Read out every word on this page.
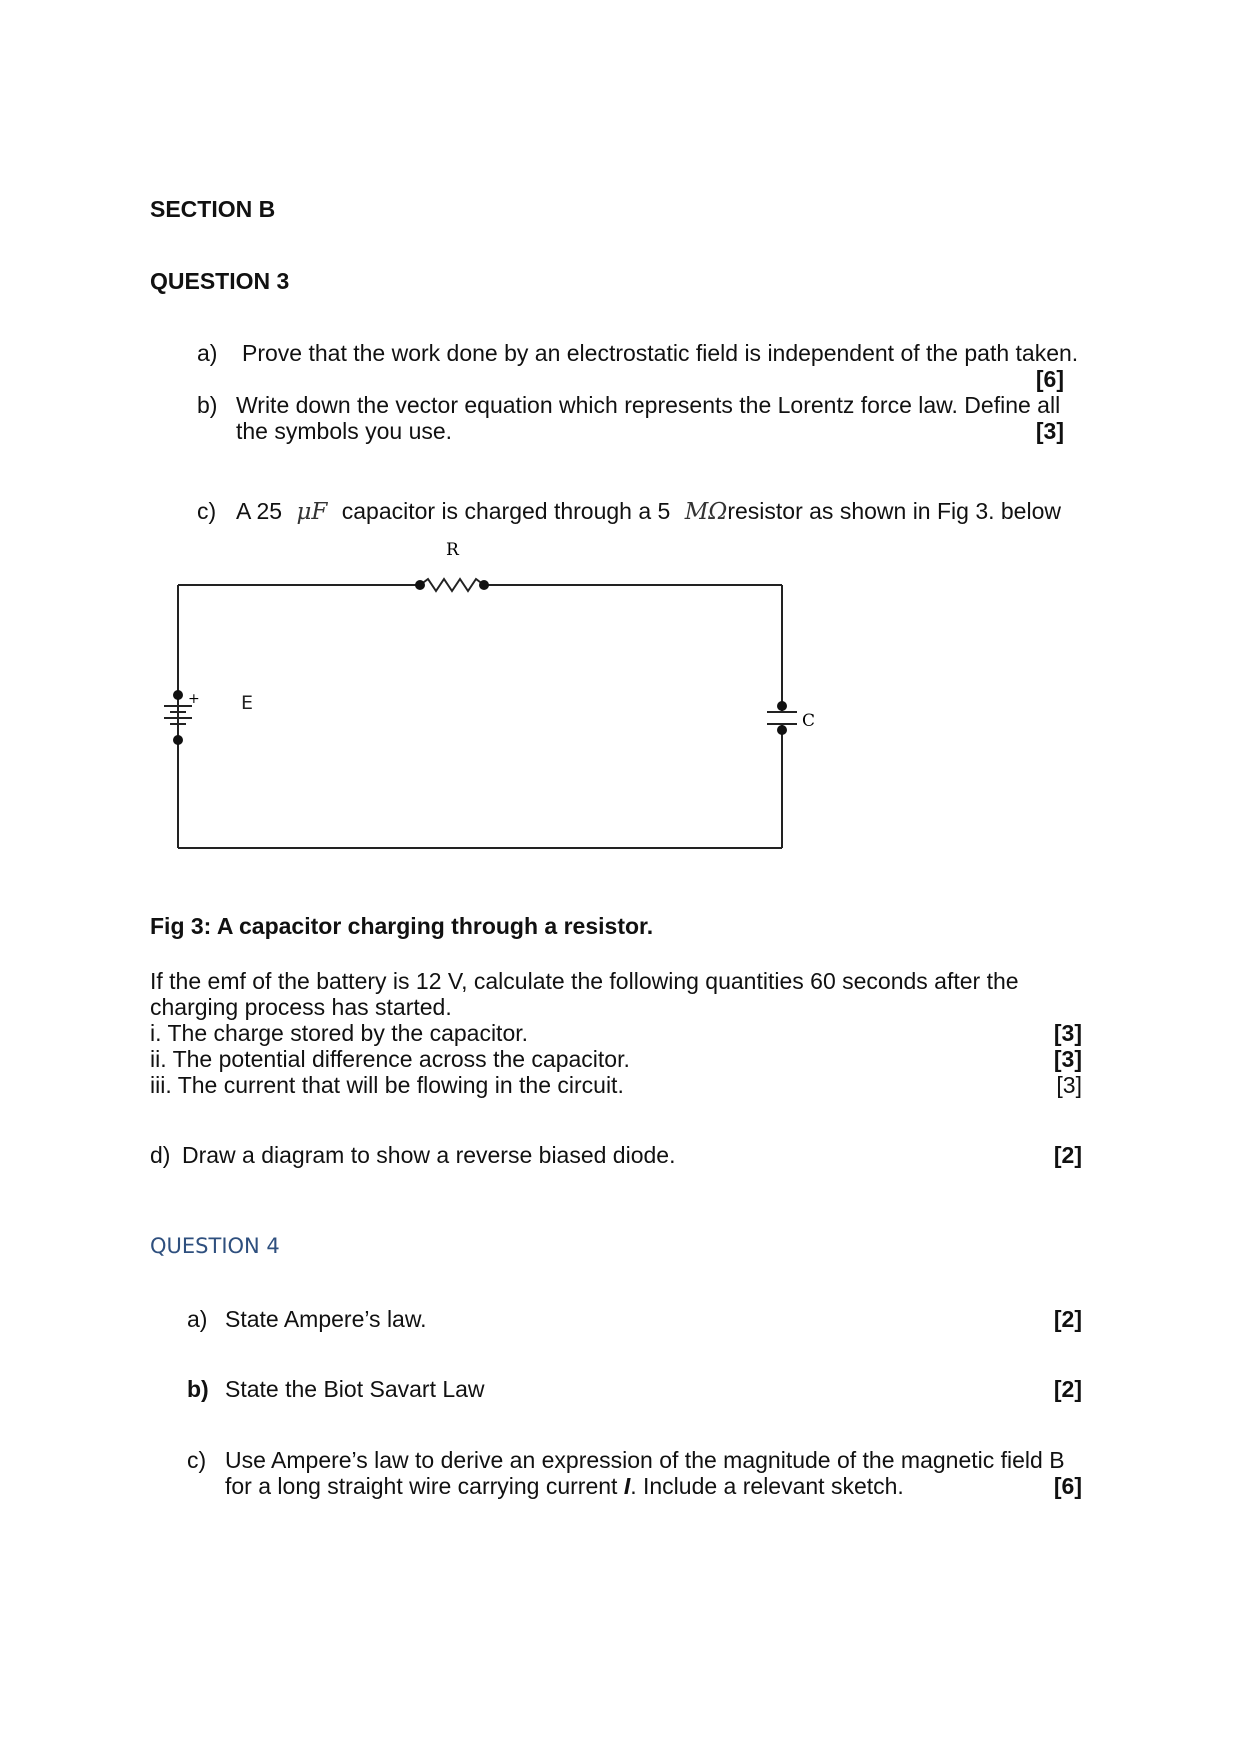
SECTION B
QUESTION 3
a) Prove that the work done by an electrostatic field is independent of the path taken.
[6]
b) Write down the vector equation which represents the Lorentz force law. Define all
the symbols you use.	[3]
c) A 25 μF capacitor is charged through a 5 MΩresistor as shown in Fig 3. below
R
+ E
C
Fig 3: A capacitor charging through a resistor.
If the emf of the battery is 12 V, calculate the following quantities 60 seconds after the
charging process has started.
i. The charge stored by the capacitor.	[3]
ii. The potential difference across the capacitor.	[3]
iii. The current that will be flowing in the circuit.	[3]
d) Draw a diagram to show a reverse biased diode.	[2]
QUESTION 4
a) State Ampere’s law.	[2]
b) State the Biot Savart Law	[2]
c) Use Ampere’s law to derive an expression of the magnitude of the magnetic field B
for a long straight wire carrying current I. Include a relevant sketch.	[6]
